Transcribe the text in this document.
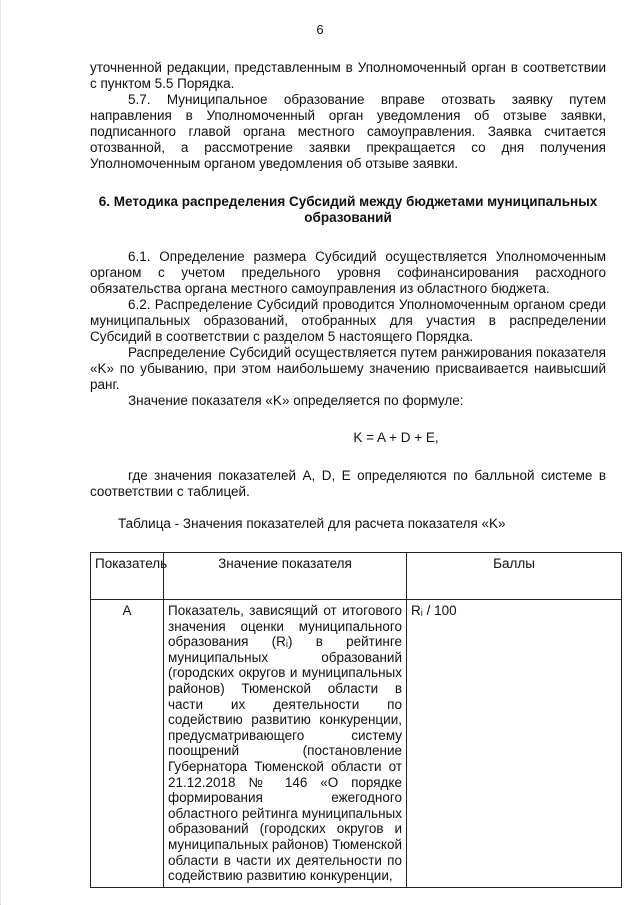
6

уточненной редакции, представленным в Уполномоченный орган в соответствии с пунктом 5.5 Порядка.

5.7. Муниципальное образование вправе отозвать заявку путем направления в Уполномоченный орган уведомления об отзыве заявки, подписанного главой органа местного самоуправления. Заявка считается отозванной, а рассмотрение заявки прекращается со дня получения Уполномоченным органом уведомления об отзыве заявки.

6. Методика распределения Субсидий между бюджетами муниципальных образований

6.1. Определение размера Субсидий осуществляется Уполномоченным органом с учетом предельного уровня софинансирования расходного обязательства органа местного самоуправления из областного бюджета.

6.2. Распределение Субсидий проводится Уполномоченным органом среди муниципальных образований, отобранных для участия в распределении Субсидий в соответствии с разделом 5 настоящего Порядка.

Распределение Субсидий осуществляется путем ранжирования показателя «K» по убыванию, при этом наибольшему значению присваивается наивысший ранг.

Значение показателя «K» определяется по формуле:

K = A + D + E,

где значения показателей A, D, E определяются по балльной системе в соответствии с таблицей.

Таблица - Значения показателей для расчета показателя «K»
Показатель	Значение показателя	Баллы
A	Показатель, зависящий от итогового значения оценки муниципального образования (Rᵢ) в рейтинге муниципальных образований (городских округов и муниципальных районов) Тюменской области в части их деятельности по содействию развитию конкуренции, предусматривающего систему поощрений (постановление Губернатора Тюменской области от 21.12.2018 № 146 «О порядке формирования ежегодного областного рейтинга муниципальных образований (городских округов и муниципальных районов) Тюменской области в части их деятельности по содействию развитию конкуренции,	Rᵢ / 100
